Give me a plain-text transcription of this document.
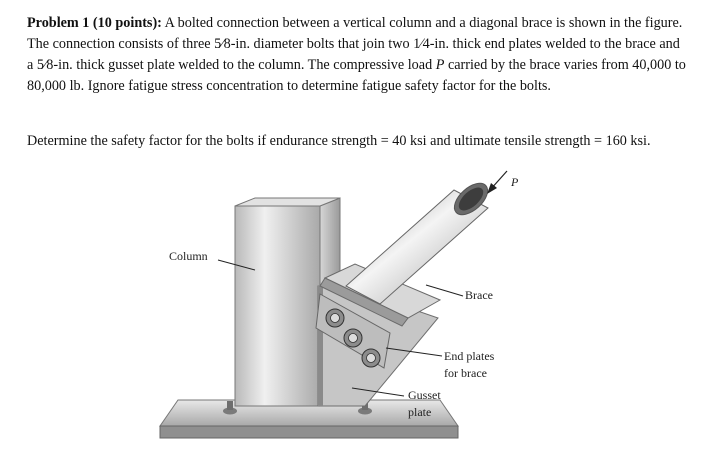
Problem 1 (10 points): A bolted connection between a vertical column and a diagonal brace is shown in the figure. The connection consists of three 5⁄8-in. diameter bolts that join two 1⁄4-in. thick end plates welded to the brace and a 5⁄8-in. thick gusset plate welded to the column. The compressive load P carried by the brace varies from 40,000 to 80,000 lb. Ignore fatigue stress concentration to determine fatigue safety factor for the bolts.

Determine the safety factor for the bolts if endurance strength = 40 ksi and ultimate tensile strength = 160 ksi.

Column
Brace
End plates
for brace
Gusset
plate
P
